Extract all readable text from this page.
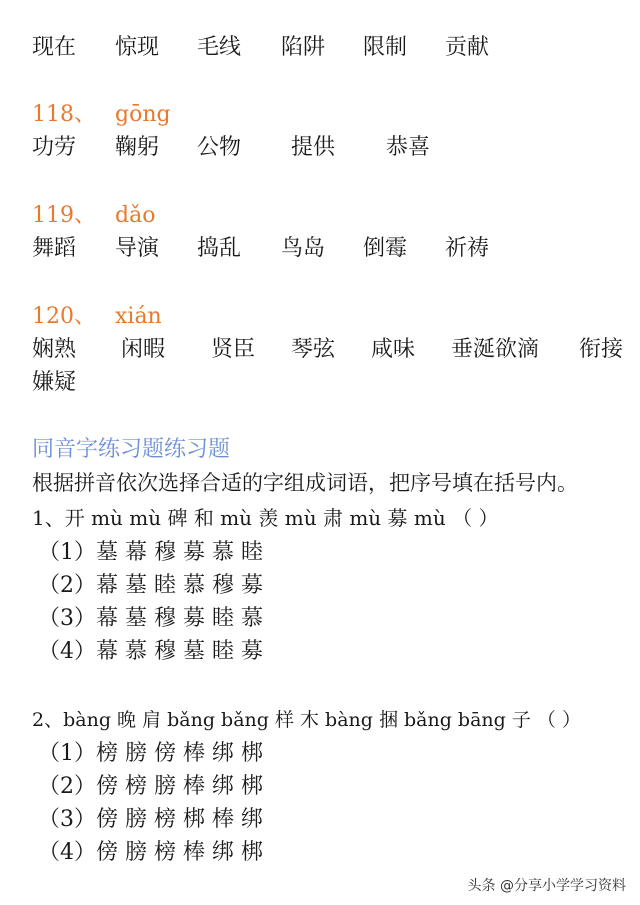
现在 惊现 毛线 陷阱 限制 贡献
118、 gōng
功劳 鞠躬 公物 提供 恭喜
119、 dǎo
舞蹈 导演 捣乱 鸟岛 倒霉 祈祷
120、 xián
娴熟 闲暇 贤臣 琴弦 咸味 垂涎欲滴 衔接
嫌疑
同音字练习题练习题
根据拼音依次选择合适的字组成词语，把序号填在括号内。
1、开 mù mù 碑 和 mù 羡 mù 肃 mù 募 mù （ ）
（1）墓 幕 穆 募 慕 睦
（2）幕 墓 睦 慕 穆 募
（3）幕 墓 穆 募 睦 慕
（4）幕 慕 穆 墓 睦 募
2、bàng 晚 肩 bǎng bǎng 样 木 bàng 捆 bǎng bāng 子 （ ）
（1）榜 膀 傍 棒 绑 梆
（2）傍 榜 膀 棒 绑 梆
（3）傍 膀 榜 梆 棒 绑
（4）傍 膀 榜 棒 绑 梆
头条 @分享小学学习资料
